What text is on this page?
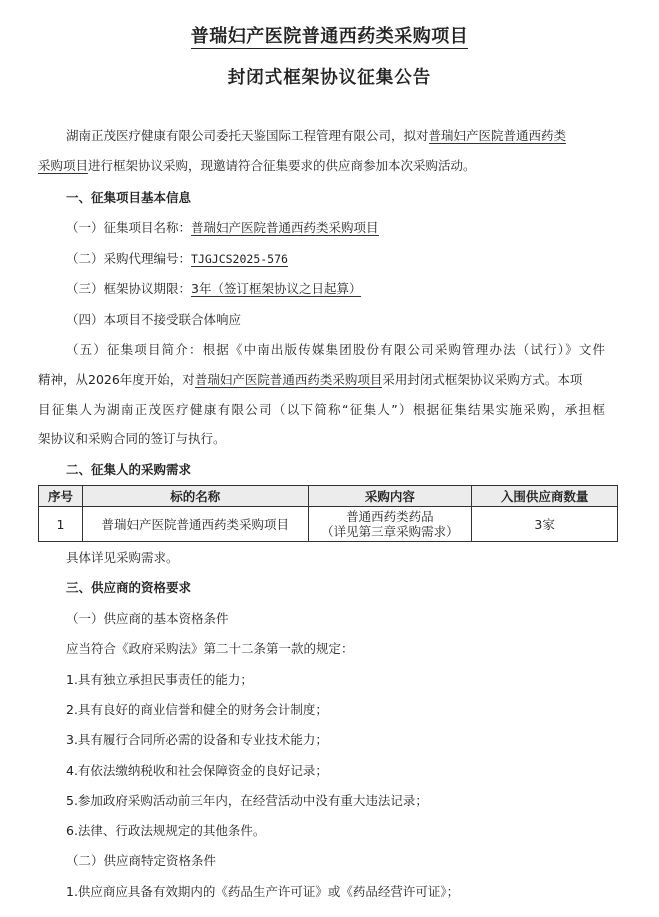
普瑞妇产医院普通西药类采购项目
封闭式框架协议征集公告
湖南正茂医疗健康有限公司委托天鉴国际工程管理有限公司，拟对普瑞妇产医院普通西药类
采购项目进行框架协议采购，现邀请符合征集要求的供应商参加本次采购活动。
一、征集项目基本信息
（一）征集项目名称：普瑞妇产医院普通西药类采购项目
（二）采购代理编号：TJGJCS2025-576
（三）框架协议期限：3年（签订框架协议之日起算）
（四）本项目不接受联合体响应
（五）征集项目简介：根据《中南出版传媒集团股份有限公司采购管理办法（试行）》文件
精神，从2026年度开始，对普瑞妇产医院普通西药类采购项目采用封闭式框架协议采购方式。本项
目征集人为湖南正茂医疗健康有限公司（以下简称“征集人”）根据征集结果实施采购，承担框
架协议和采购合同的签订与执行。
二、征集人的采购需求
序号	标的名称	采购内容	入围供应商数量
1	普瑞妇产医院普通西药类采购项目	普通西药类药品
（详见第三章采购需求）	3家
具体详见采购需求。
三、供应商的资格要求
（一）供应商的基本资格条件
应当符合《政府采购法》第二十二条第一款的规定：
1.具有独立承担民事责任的能力；
2.具有良好的商业信誉和健全的财务会计制度；
3.具有履行合同所必需的设备和专业技术能力；
4.有依法缴纳税收和社会保障资金的良好记录；
5.参加政府采购活动前三年内，在经营活动中没有重大违法记录；
6.法律、行政法规规定的其他条件。
（二）供应商特定资格条件
1.供应商应具备有效期内的《药品生产许可证》或《药品经营许可证》；
